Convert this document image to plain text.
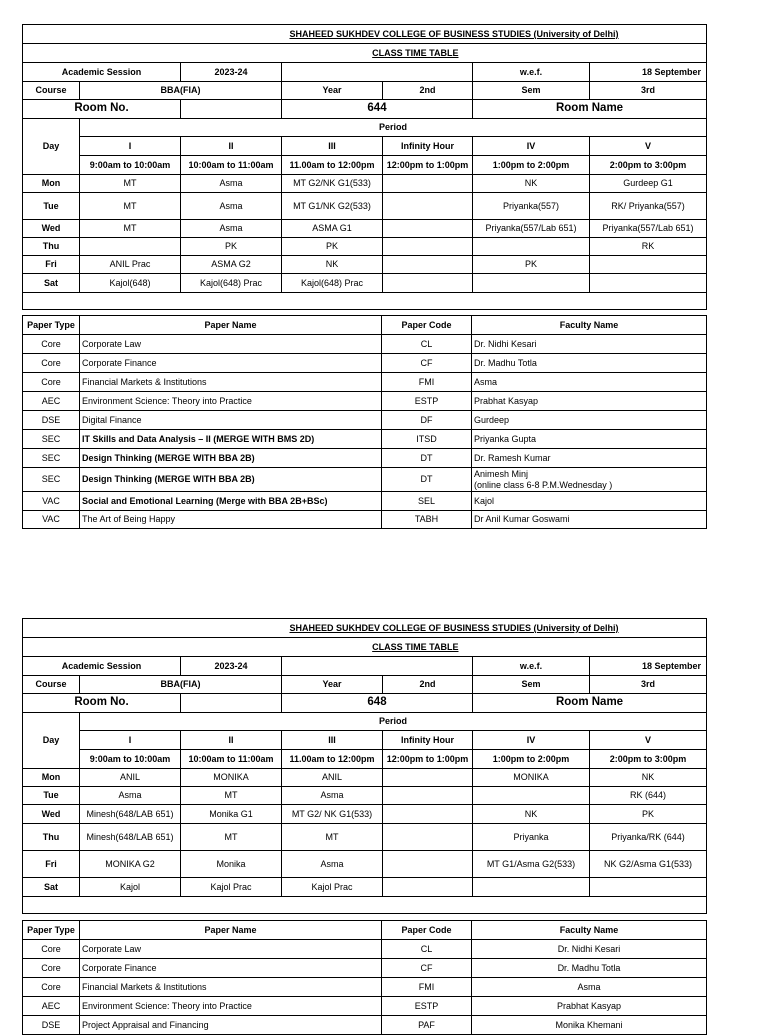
			SHAHEED SUKHDEV COLLEGE OF BUSINESS STUDIES (University of Delhi)			
			CLASS TIME TABLE			
Academic Session		2023-24			w.e.f.	18 September
Course	BBA(FIA)		Year	2nd	Sem	3rd
Room No.			644		Room Name	
Day	Period					
	I	II	III	Infinity Hour	IV	V
	9:00am to 10:00am	10:00am to 11:00am	11.00am to 12:00pm	12:00pm to 1:00pm	1:00pm to 2:00pm	2:00pm to 3:00pm
Mon	MT	Asma	MT G2/NK G1(533)		NK	Gurdeep G1
Tue	MT	Asma	MT G1/NK G2(533)		Priyanka(557)	RK/ Priyanka(557)
Wed	MT	Asma	ASMA G1		Priyanka(557/Lab 651)	Priyanka(557/Lab 651)
Thu		PK	PK			RK
Fri	ANIL Prac	ASMA G2	NK		PK	
Sat	Kajol(648)	Kajol(648) Prac	Kajol(648) Prac			

Paper Type	Paper Name	Paper Code	Faculty Name
Core	Corporate Law	CL	Dr. Nidhi Kesari

Core	Corporate Finance	CF	Dr. Madhu Totla

Core	Financial Markets & Institutions	FMI	Asma

AEC	Environment Science: Theory into Practice	ESTP	Prabhat Kasyap

DSE	Digital Finance	DF	Gurdeep

SEC	IT Skills and Data Analysis – II (MERGE WITH BMS 2D)	ITSD	Priyanka Gupta

SEC	Design Thinking (MERGE WITH BBA 2B)	DT	Dr. Ramesh Kumar

SEC	Design Thinking (MERGE WITH BBA 2B)	DT	Animesh Minj
(online class 6-8 P.M.Wednesday )

VAC	Social and Emotional Learning (Merge with BBA 2B+BSc)	SEL	Kajol

VAC	The Art of Being Happy	TABH	Dr Anil Kumar Goswami
			SHAHEED SUKHDEV COLLEGE OF BUSINESS STUDIES (University of Delhi)			
			CLASS TIME TABLE			
Academic Session		2023-24			w.e.f.	18 September
Course	BBA(FIA)		Year	2nd	Sem	3rd
Room No.			648		Room Name	
Day	Period					
	I	II	III	Infinity Hour	IV	V
	9:00am to 10:00am	10:00am to 11:00am	11.00am to 12:00pm	12:00pm to 1:00pm	1:00pm to 2:00pm	2:00pm to 3:00pm
Mon	ANIL	MONIKA	ANIL		MONIKA	NK
Tue	Asma	MT	Asma			RK (644)
Wed	Minesh(648/LAB 651)	Monika G1	MT G2/ NK G1(533)		NK	PK
Thu	Minesh(648/LAB 651)	MT	MT		Priyanka	Priyanka/RK (644)
Fri	MONIKA G2	Monika	Asma		MT G1/Asma G2(533)	NK G2/Asma G1(533)
Sat	Kajol	Kajol Prac	Kajol Prac			

Paper Type	Paper Name	Paper Code	Faculty Name
Core	Corporate Law	CL	Dr. Nidhi Kesari

Core	Corporate Finance	CF	Dr. Madhu Totla

Core	Financial Markets & Institutions	FMI	Asma

AEC	Environment Science: Theory into Practice	ESTP	Prabhat Kasyap

DSE	Project Appraisal and Financing	PAF	Monika Khemani
